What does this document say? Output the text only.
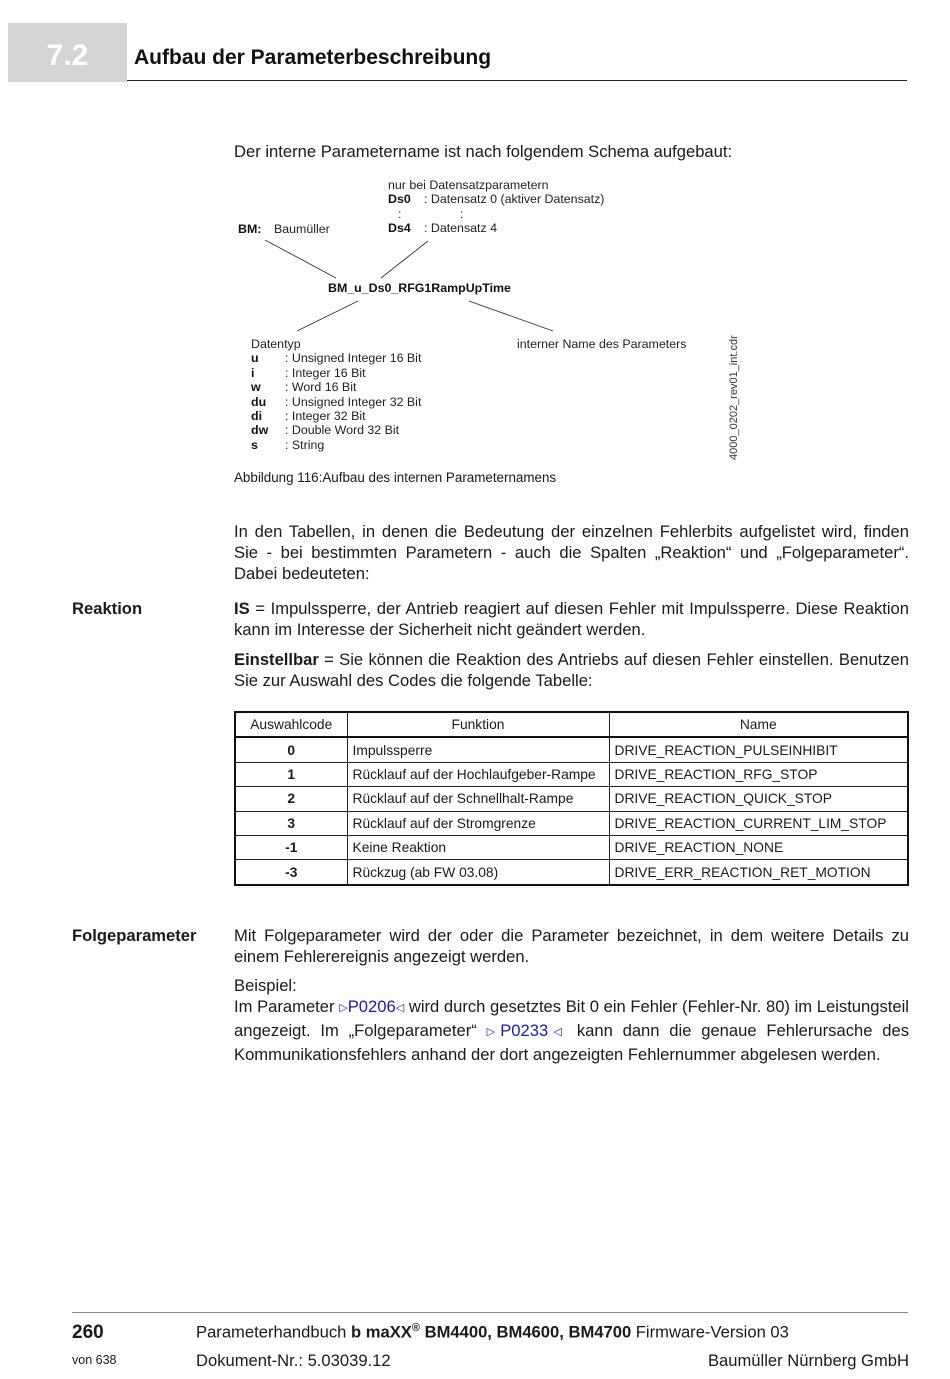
7.2 Aufbau der Parameterbeschreibung
Der interne Parametername ist nach folgendem Schema aufgebaut:
nur bei Datensatzparametern
Ds0 : Datensatz 0 (aktiver Datensatz)
:                 :
Ds4 : Datensatz 4
BM: Baumüller
BM_u_Ds0_RFG1RampUpTime
Datentyp
u	: Unsigned Integer 16 Bit
i	: Integer 16 Bit
w	: Word 16 Bit
du	: Unsigned Integer 32 Bit
di	: Integer 32 Bit
dw	: Double Word 32 Bit
s	: String
interner Name des Parameters	4000_0202_rev01_int.cdr
Abbildung 116:Aufbau des internen Parameternamens
In den Tabellen, in denen die Bedeutung der einzelnen Fehlerbits aufgelistet wird, finden Sie - bei bestimmten Parametern - auch die Spalten „Reaktion“ und „Folgeparameter“. Dabei bedeuteten:
Reaktion	IS = Impulssperre, der Antrieb reagiert auf diesen Fehler mit Impulssperre. Diese Reaktion kann im Interesse der Sicherheit nicht geändert werden.
Einstellbar = Sie können die Reaktion des Antriebs auf diesen Fehler einstellen. Benutzen Sie zur Auswahl des Codes die folgende Tabelle:
Auswahlcode	Funktion	Name
0	Impulssperre	DRIVE_REACTION_PULSEINHIBIT
1	Rücklauf auf der Hochlaufgeber-Rampe	DRIVE_REACTION_RFG_STOP
2	Rücklauf auf der Schnellhalt-Rampe	DRIVE_REACTION_QUICK_STOP
3	Rücklauf auf der Stromgrenze	DRIVE_REACTION_CURRENT_LIM_STOP
-1	Keine Reaktion	DRIVE_REACTION_NONE
-3	Rückzug (ab FW 03.08)	DRIVE_ERR_REACTION_RET_MOTION
Folgeparameter Mit Folgeparameter wird der oder die Parameter bezeichnet, in dem weitere Details zu einem Fehlerereignis angezeigt werden.
Beispiel:
Im Parameter ▷P0206◁ wird durch gesetztes Bit 0 ein Fehler (Fehler-Nr. 80) im Leistungsteil angezeigt. Im „Folgeparameter“ ▷P0233◁ kann dann die genaue Fehlerursache des Kommunikationsfehlers anhand der dort angezeigten Fehlernummer abgelesen werden.
260
von 638
Parameterhandbuch b maXX® BM4400, BM4600, BM4700 Firmware-Version 03
Dokument-Nr.: 5.03039.12	Baumüller Nürnberg GmbH
